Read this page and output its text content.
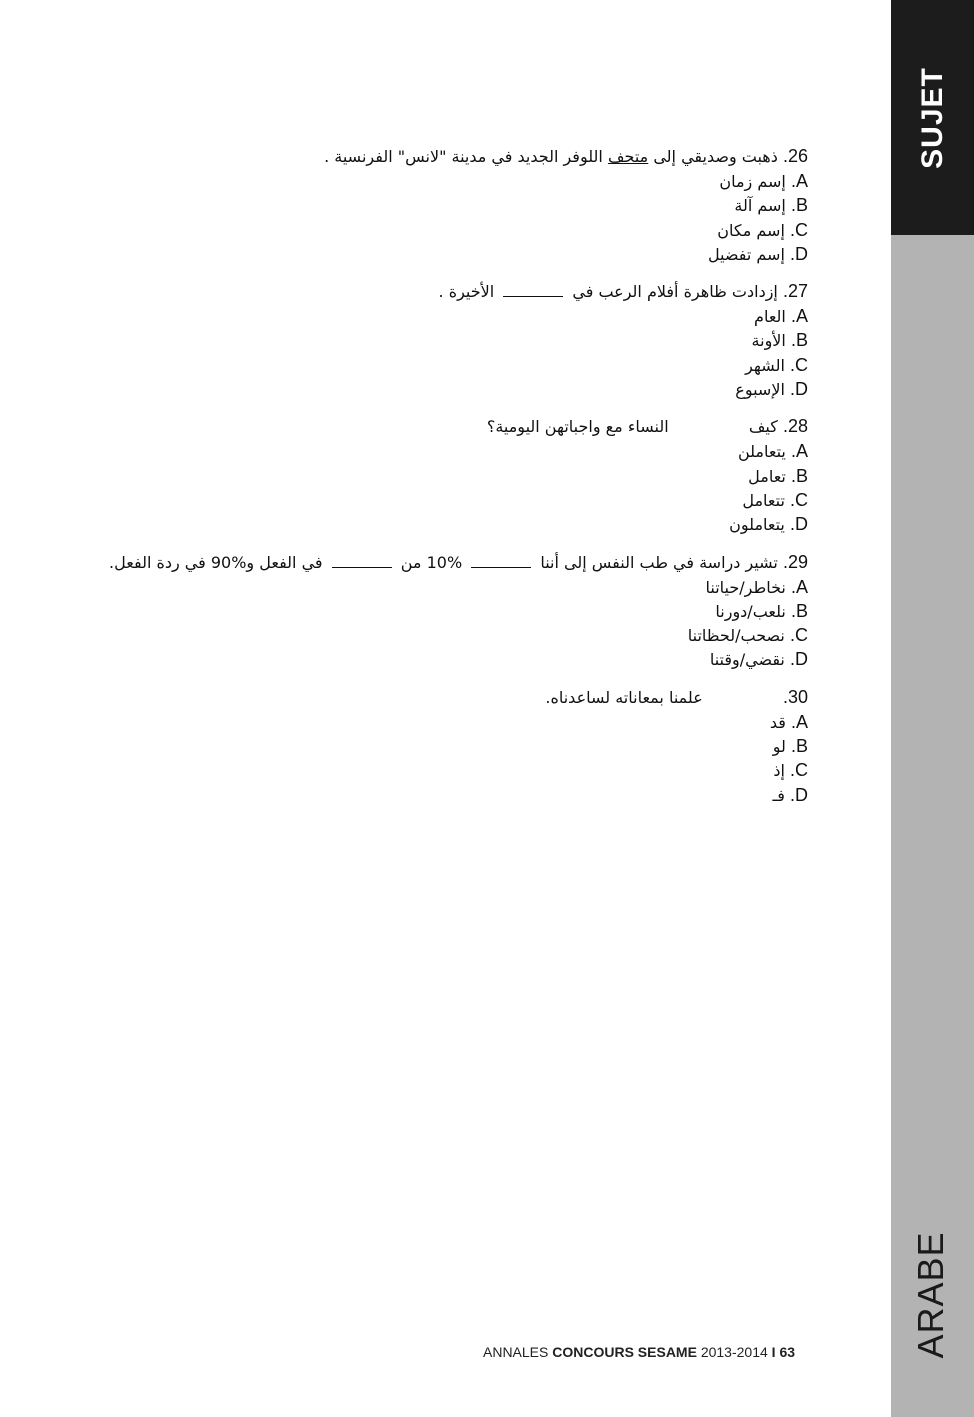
SUJET
ARABE
26. ذهبت وصديقي إلى متحف اللوفر الجديد في مدينة "لانس" الفرنسية .
A. إسم زمان
B. إسم آلة
C. إسم مكان
D. إسم تفضيل
27. إزدادت ظاهرة أفلام الرعب في  الأخيرة .
A. العام
B. الأونة
C. الشهر
D. الإسبوع
28. كيف  النساء مع واجباتهن اليومية؟
A. يتعاملن
B. تعامل
C. تتعامل
D. يتعاملون
29. تشير دراسة في طب النفس إلى أننا  %10 من  في الفعل و%90 في ردة الفعل.
A. نخاطر/حياتنا
B. نلعب/دورنا
C. نصحب/لحظاتنا
D. نقضي/وقتنا
30.  علمنا بمعاناته لساعدناه.
A. قد
B. لو
C. إذ
D. فـ
ANNALES CONCOURS SESAME 2013-2014 I 63
